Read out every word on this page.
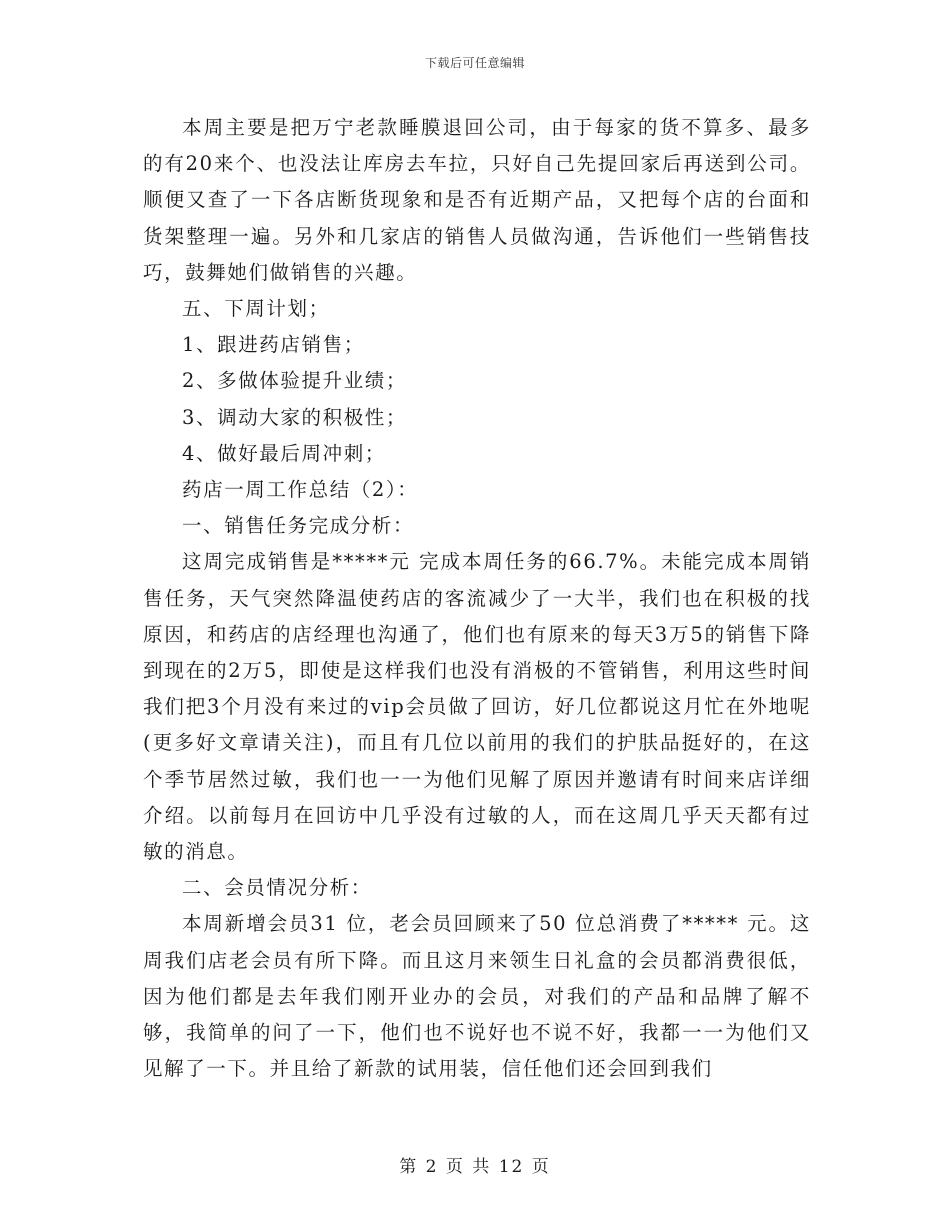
下载后可任意编辑

本周主要是把万宁老款睡膜退回公司，由于每家的货不算多、最多的有20来个、也没法让库房去车拉，只好自己先提回家后再送到公司。顺便又查了一下各店断货现象和是否有近期产品，又把每个店的台面和货架整理一遍。另外和几家店的销售人员做沟通，告诉他们一些销售技巧，鼓舞她们做销售的兴趣。

五、下周计划；

1、跟进药店销售；

2、多做体验提升业绩；

3、调动大家的积极性；

4、做好最后周冲刺；

药店一周工作总结（2）：

一、销售任务完成分析：

这周完成销售是*****元 完成本周任务的66.7%。未能完成本周销售任务，天气突然降温使药店的客流减少了一大半，我们也在积极的找原因，和药店的店经理也沟通了，他们也有原来的每天3万5的销售下降到现在的2万5，即使是这样我们也没有消极的不管销售，利用这些时间我们把3个月没有来过的vip会员做了回访，好几位都说这月忙在外地呢(更多好文章请关注)，而且有几位以前用的我们的护肤品挺好的，在这个季节居然过敏，我们也一一为他们见解了原因并邀请有时间来店详细介绍。以前每月在回访中几乎没有过敏的人，而在这周几乎天天都有过敏的消息。

二、会员情况分析：

本周新增会员31 位，老会员回顾来了50 位总消费了***** 元。这周我们店老会员有所下降。而且这月来领生日礼盒的会员都消费很低，因为他们都是去年我们刚开业办的会员，对我们的产品和品牌了解不够，我简单的问了一下，他们也不说好也不说不好，我都一一为他们又见解了一下。并且给了新款的试用装，信任他们还会回到我们

第 2 页 共 12 页
